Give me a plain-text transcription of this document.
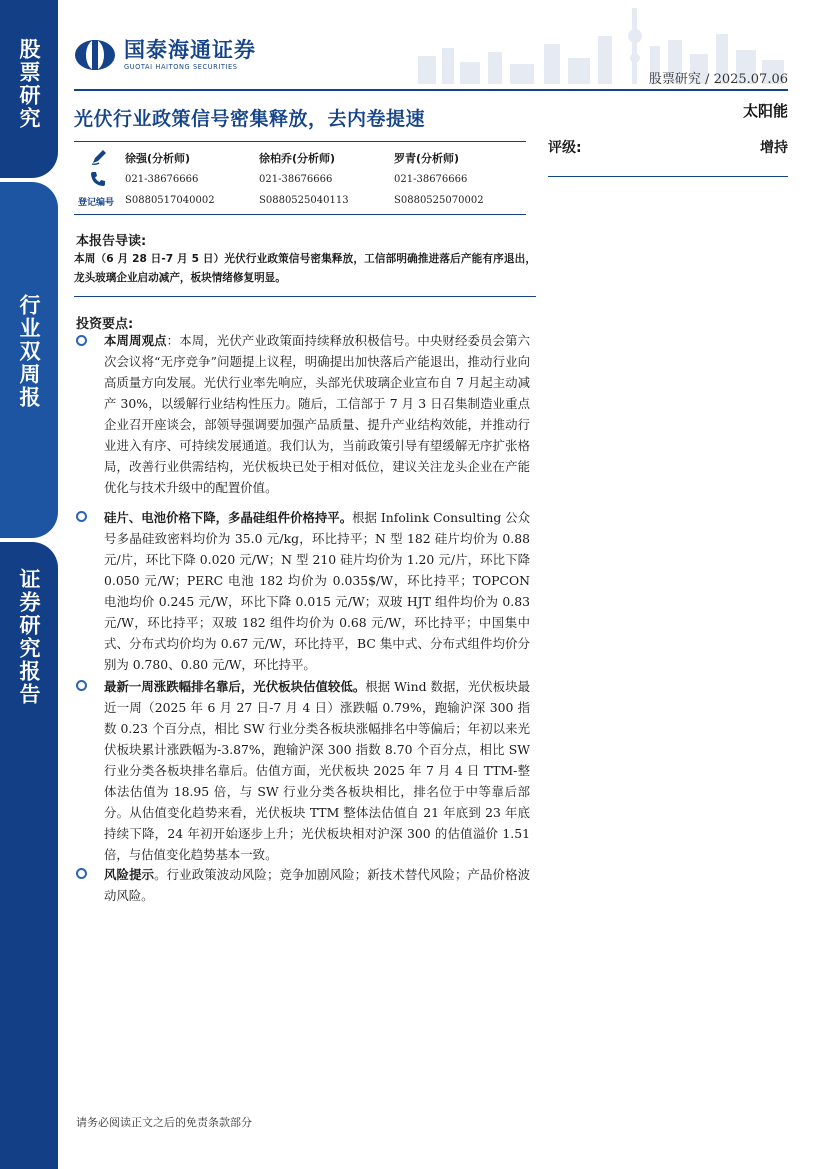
股票研究
行业双周报
证券研究报告
国泰海通证券
GUOTAI HAITONG SECURITIES
股票研究 / 2025.07.06
光伏行业政策信号密集释放，去内卷提速	太阳能
评级:	增持
徐强(分析师)	徐柏乔(分析师)	罗青(分析师)
021-38676666	021-38676666	021-38676666
登记编号 S0880517040002	S0880525040113	S0880525070002
本报告导读:
本周（6 月 28 日-7 月 5 日）光伏行业政策信号密集释放，工信部明确推进落后产能有序退出，龙头玻璃企业启动减产，板块情绪修复明显。
投资要点:
本周周观点：本周，光伏产业政策面持续释放积极信号。中央财经委员会第六次会议将“无序竞争”问题提上议程，明确提出加快落后产能退出，推动行业向高质量方向发展。光伏行业率先响应，头部光伏玻璃企业宣布自 7 月起主动减产 30%，以缓解行业结构性压力。随后，工信部于 7 月 3 日召集制造业重点企业召开座谈会，部领导强调要加强产品质量、提升产业结构效能，并推动行业进入有序、可持续发展通道。我们认为，当前政策引导有望缓解无序扩张格局，改善行业供需结构，光伏板块已处于相对低位，建议关注龙头企业在产能优化与技术升级中的配置价值。
硅片、电池价格下降，多晶硅组件价格持平。根据 Infolink Consulting 公众号多晶硅致密料均价为 35.0 元/kg，环比持平；N 型 182 硅片均价为 0.88 元/片，环比下降 0.020 元/W；N 型 210 硅片均价为 1.20 元/片，环比下降 0.050 元/W；PERC 电池 182 均价为 0.035$/W，环比持平；TOPCON 电池均价 0.245 元/W，环比下降 0.015 元/W；双玻 HJT 组件均价为 0.83 元/W，环比持平；双玻 182 组件均价为 0.68 元/W，环比持平；中国集中式、分布式均价均为 0.67 元/W，环比持平，BC 集中式、分布式组件均价分别为 0.780、0.80 元/W，环比持平。
最新一周涨跌幅排名靠后，光伏板块估值较低。根据 Wind 数据，光伏板块最近一周（2025 年 6 月 27 日-7 月 4 日）涨跌幅 0.79%，跑输沪深 300 指数 0.23 个百分点，相比 SW 行业分类各板块涨幅排名中等偏后；年初以来光伏板块累计涨跌幅为-3.87%，跑输沪深 300 指数 8.70 个百分点，相比 SW 行业分类各板块排名靠后。估值方面，光伏板块 2025 年 7 月 4 日 TTM-整体法估值为 18.95 倍，与 SW 行业分类各板块相比，排名位于中等靠后部分。从估值变化趋势来看，光伏板块 TTM 整体法估值自 21 年底到 23 年底持续下降，24 年初开始逐步上升；光伏板块相对沪深 300 的估值溢价 1.51 倍，与估值变化趋势基本一致。
风险提示。行业政策波动风险；竞争加剧风险；新技术替代风险；产品价格波动风险。
请务必阅读正文之后的免责条款部分
